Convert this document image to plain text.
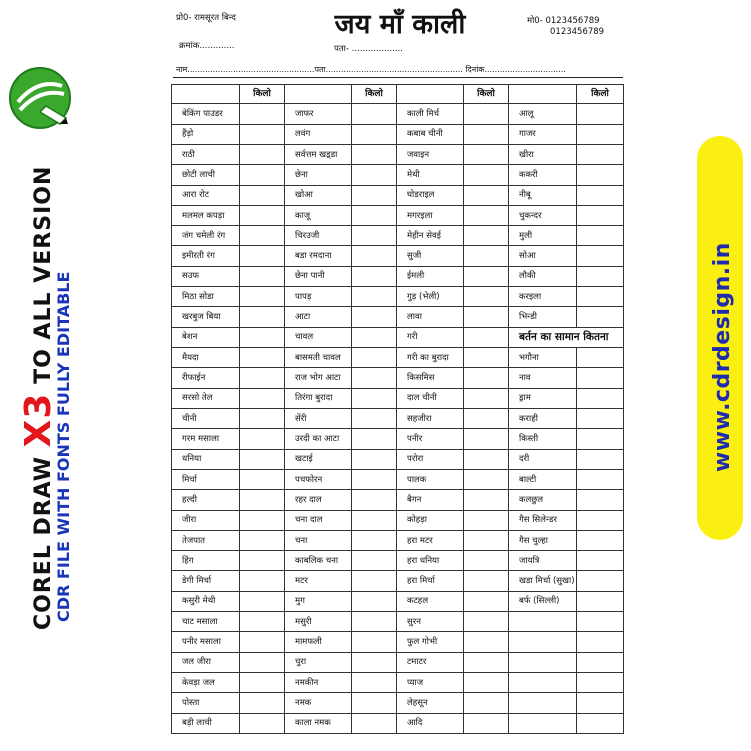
COREL DRAW X3 TO ALL VERSION
CDR FILE WITH FONTS FULLY EDITABLE	www.cdrdesign.in
प्रो0- रामसूरत बिन्द	जय माँ काली	मो0- 0123456789
0123456789
क्रमांक.............	पता- ...................
नाम..................................................पता...................................................... दिनांक................................
	किलो		किलो		किलो		किलो
बेकिंग पाउडर		जाफर		काली मिर्च		आलू	
हैंड़ो		लवंग		कबाब चीनी		गाजर	
राठी		सर्वत्तम खड़्डा		जवाइन		खीरा	
छोटी लाची		छेना		मेथी		ककरी	
आरा रोट		खोआ		घोडराइल		नीबू	
मलमल कपड़ा		काजू		मगरइला		चुकन्दर	
जंग चमेली रंग		चिरउजी		मेहीन सेवई		मुली	
इमीरती रंग		बडा रमदाना		सुजी		सोआ	
सउफ		छेना पानी		ईमली		लौकी	
मिठा सोडा		पापड़		गुड़ (भेली)		करइला	
खरबुज बिया		आटा		लावा		भिन्डी	
बेशन		चावल		गरी		बर्तन का सामान कितना	
मैयदा		बासमती चावल		गरी का बुरादा		भगौना	
रीफाईन		राज भोग आटा		किसमिस		नाव	
सरसो तेल		तिरंगा बुरादा		दाल चीनी		ड्राम	
चीनी		सेंरी		सहजीरा		कराही	
गरम मसाला		उरदी का आटा		पनीर		किस्ती	
धनिया		खटाई		परोरा		दरी	
मिर्चा		पचफोरन		पालक		बाल्टी	
हल्दी		रहर दाल		बैगन		कलछुल	
जीरा		चना दाल		कोहड़ा		गैस सिलेन्डर	
तेजपात		चना		हरा मटर		गैस चुल्हा	
हिंग		काबलिक चना		हरा धनिया		जायत्रि	
डेगी मिर्चा		मटर		हरा मिर्चा		खडा मिर्चा (सुखा)	
कसुरी मेथी		मुग		कटहल		बर्फ (सिल्ली)	
चाट मसाला		मसुरी		सुरन			
पनीर मसाला		मामफली		फुल गोभी			
जल जीरा		चुरा		टमाटर			
केवड़ा जल		नमकीन		प्याज			
पोस्ता		नमक		लेहसून			
बड़ी लाची		काला नमक		आदि			
